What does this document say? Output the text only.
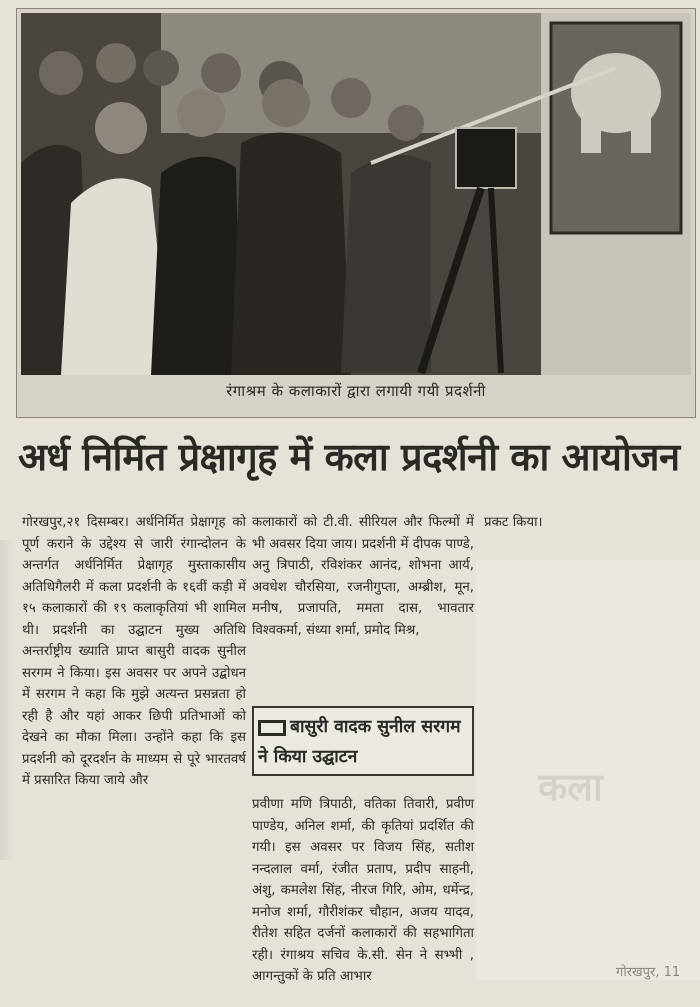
रंगाश्रम के कलाकारों द्वारा लगायी गयी प्रदर्शनी
अर्ध निर्मित प्रेक्षागृह में कला प्रदर्शनी का आयोजन

गोरखपुर,२१ दिसम्बर। अर्धनिर्मित प्रेक्षागृह को पूर्ण कराने के उद्देश्य से जारी रंगान्दोलन के अन्तर्गत अर्धनिर्मित प्रेक्षागृह मुस्ताकासीय अतिथिगैलरी में कला प्रदर्शनी के १६वीं कड़ी में १५ कलाकारों की १९ कलाकृतियां भी शामिल थी। प्रदर्शनी का उद्घाटन मुख्य अतिथि अन्तर्राष्ट्रीय ख्याति प्राप्त बासुरी वादक सुनील सरगम ने किया। इस अवसर पर अपने उद्बोधन में सरगम ने कहा कि मुझे अत्यन्त प्रसन्नता हो रही है और यहां आकर छिपी प्रतिभाओं को देखने का मौका मिला। उन्होंने कहा कि इस प्रदर्शनी को दूरदर्शन के माध्यम से पूरे भारतवर्ष में प्रसारित किया जाये और

कलाकारों को टी.वी. सीरियल और फिल्मों में भी अवसर दिया जाय। प्रदर्शनी में दीपक पाण्डे, अनु त्रिपाठी, रविशंकर आनंद, शोभना आर्य, अवधेश चौरसिया, रजनीगुप्ता, अम्ब्रीश, मून, मनीष, प्रजापति, ममता दास, भावतार विश्वकर्मा, संध्या शर्मा, प्रमोद मिश्र,

बासुरी वादक सुनील सरगम ने किया उद्घाटन

प्रवीणा मणि त्रिपाठी, वतिका तिवारी, प्रवीण पाण्डेय, अनिल शर्मा, की कृतियां प्रदर्शित की गयी। इस अवसर पर विजय सिंह, सतीश नन्दलाल वर्मा, रंजीत प्रताप, प्रदीप साहनी, अंशु, कमलेश सिंह, नीरज गिरि, ओम, धर्मेन्द्र, मनोज शर्मा, गौरीशंकर चौहान, अजय यादव, रीतेश सहित दर्जनों कलाकारों की सहभागिता रही। रंगाश्रय सचिव के.सी. सेन ने सभ्भी , आगन्तुकों के प्रति आभार

प्रकट किया।

कला
गोरखपुर, 11
